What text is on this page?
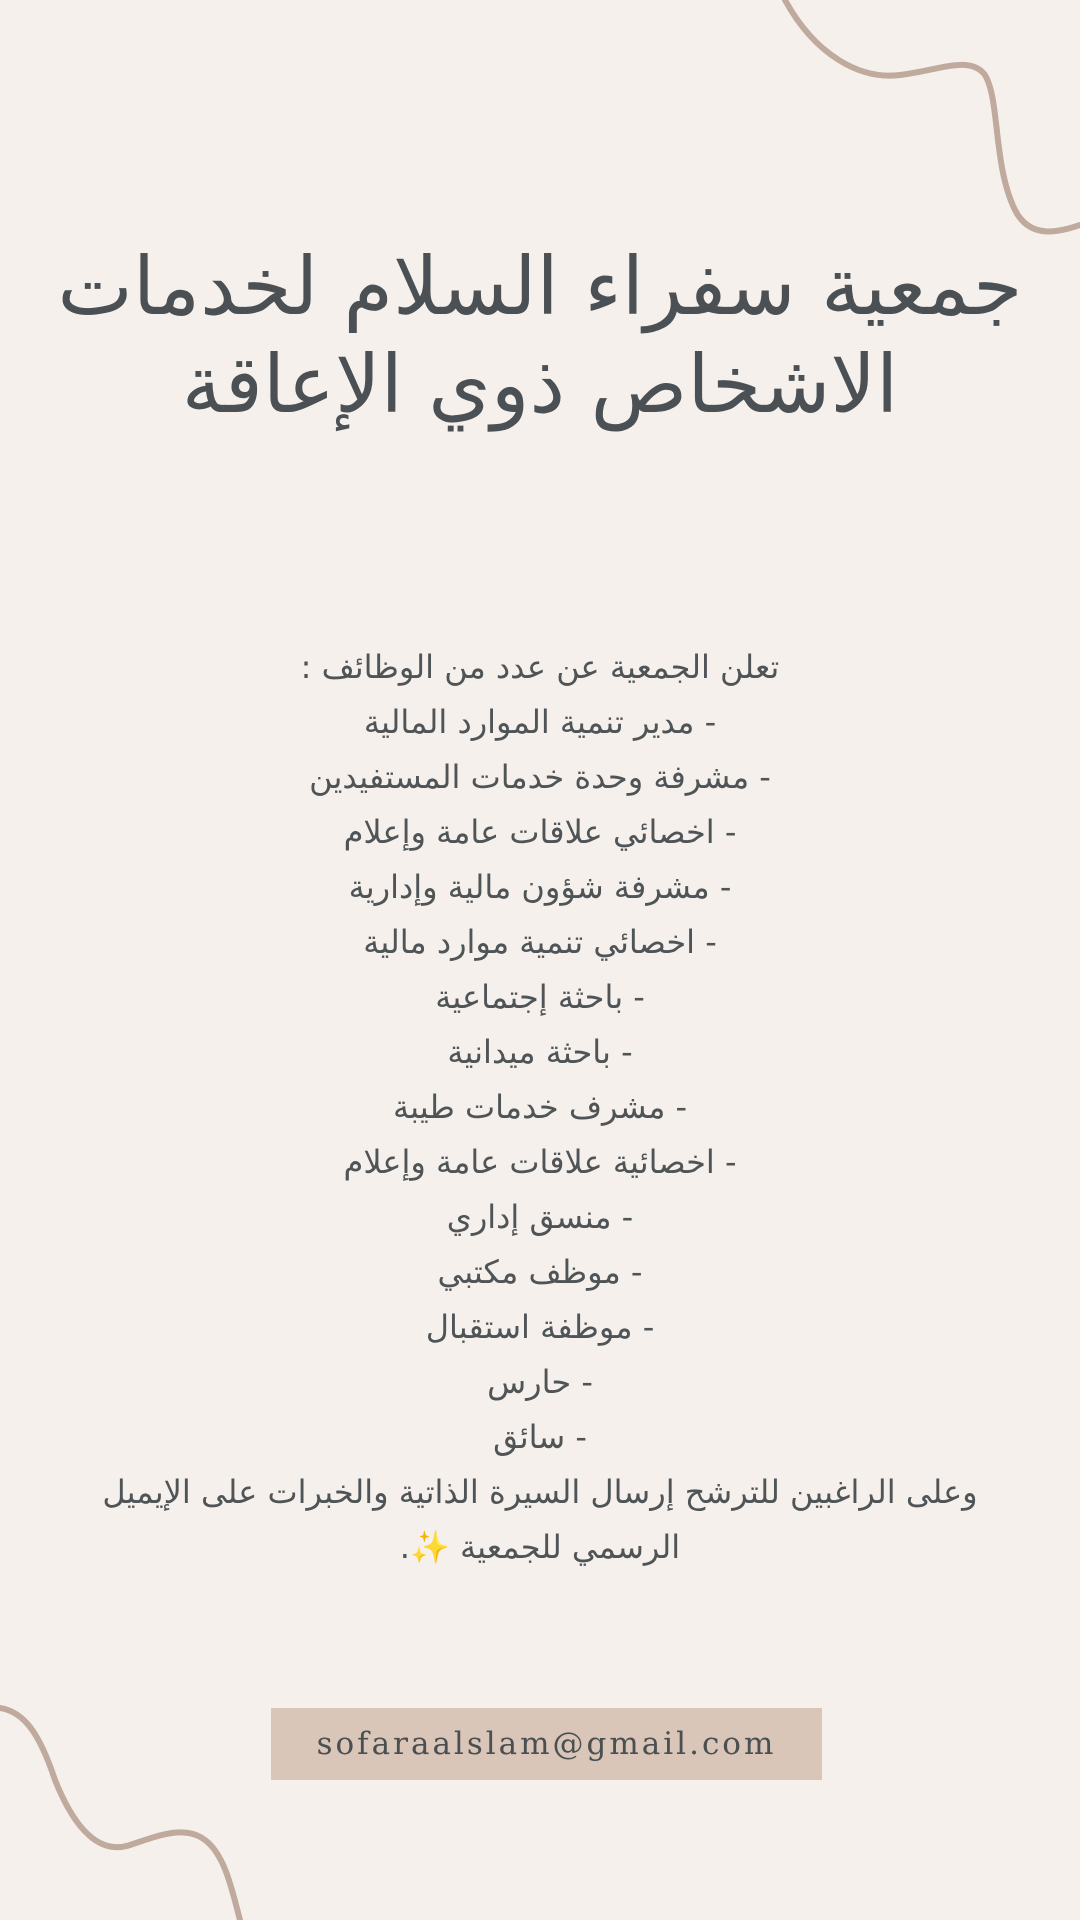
جمعية سفراء السلام لخدمات
الاشخاص ذوي الإعاقة
تعلن الجمعية عن عدد من الوظائف :
- مدير تنمية الموارد المالية
- مشرفة وحدة خدمات المستفيدين
- اخصائي علاقات عامة وإعلام
- مشرفة شؤون مالية وإدارية
- اخصائي تنمية موارد مالية
- باحثة إجتماعية
- باحثة ميدانية
- مشرف خدمات طيبة
- اخصائية علاقات عامة وإعلام
- منسق إداري
- موظف مكتبي
- موظفة استقبال
- حارس
- سائق
وعلى الراغبين للترشح إرسال السيرة الذاتية والخبرات على الإيميل
الرسمي للجمعية ✨.
sofaraalslam@gmail.com
